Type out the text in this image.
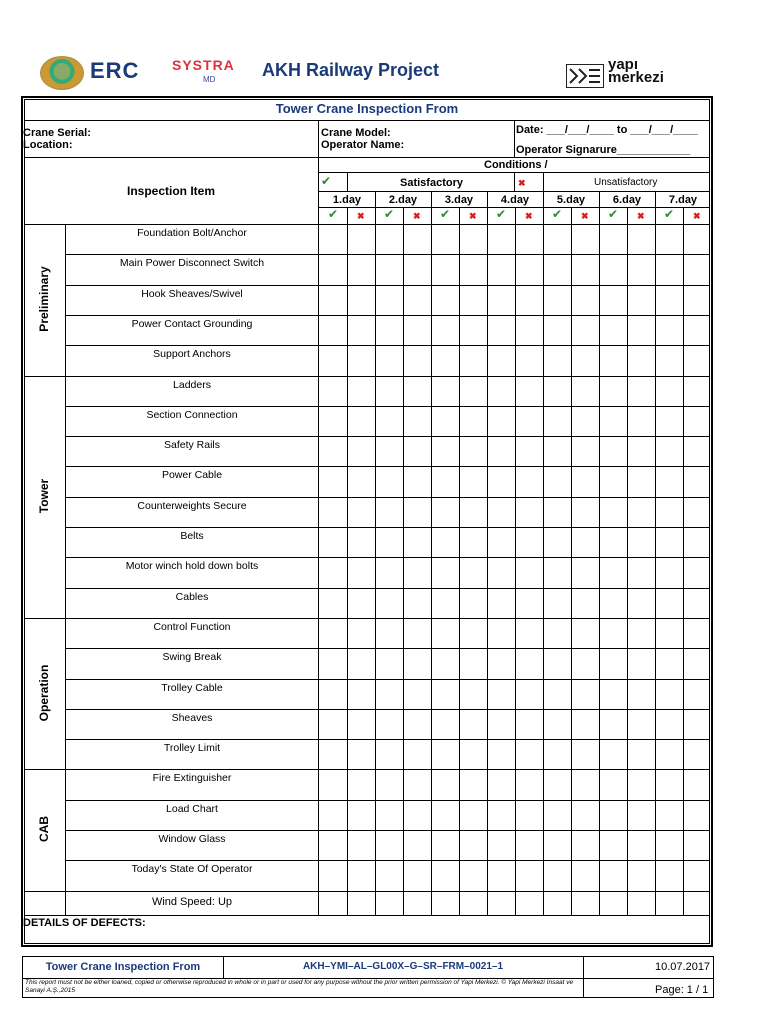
ERC SYSTRA
MD	AKH Railway Project	yapı
merkezi
Tower Crane Inspection From
Crane Serial:
Location:
Crane Model:
Operator Name:
Date: ___/___/____ to ___/___/____
Operator Signarure____________
Conditions /
Inspection Item
✔	Satisfactory	✖	Unsatisfactory
1.day
✔ ✖
2.day
✔ ✖
3.day
✔ ✖
4.day
✔ ✖
5.day
✔ ✖
6.day
✔ ✖
7.day
✔ ✖
Preliminary
Foundation Bolt/Anchor
Main Power Disconnect Switch
Hook Sheaves/Swivel
Power Contact Grounding
Support Anchors
Tower
Ladders
Section Connection
Safety Rails
Power Cable
Counterweights Secure
Belts
Motor winch hold down bolts
Cables
Operation
Control Function
Swing Break
Trolley Cable
Sheaves
Trolley Limit
CAB
Fire Extinguisher
Load Chart
Window Glass
Today's State Of Operator
Wind Speed: Up
DETAILS OF DEFECTS:
Tower Crane Inspection From	AKH–YMI–AL–GL00X–G–SR–FRM–0021–1	10.07.2017
This report must not be either loaned, copied or otherwise reproduced in whole or in part or used for any purpose without the prior written permission of Yapi Merkezi. © Yapi Merkezi Insaat ve Sanayi A.Ş.,2015	Page: 1 / 1
